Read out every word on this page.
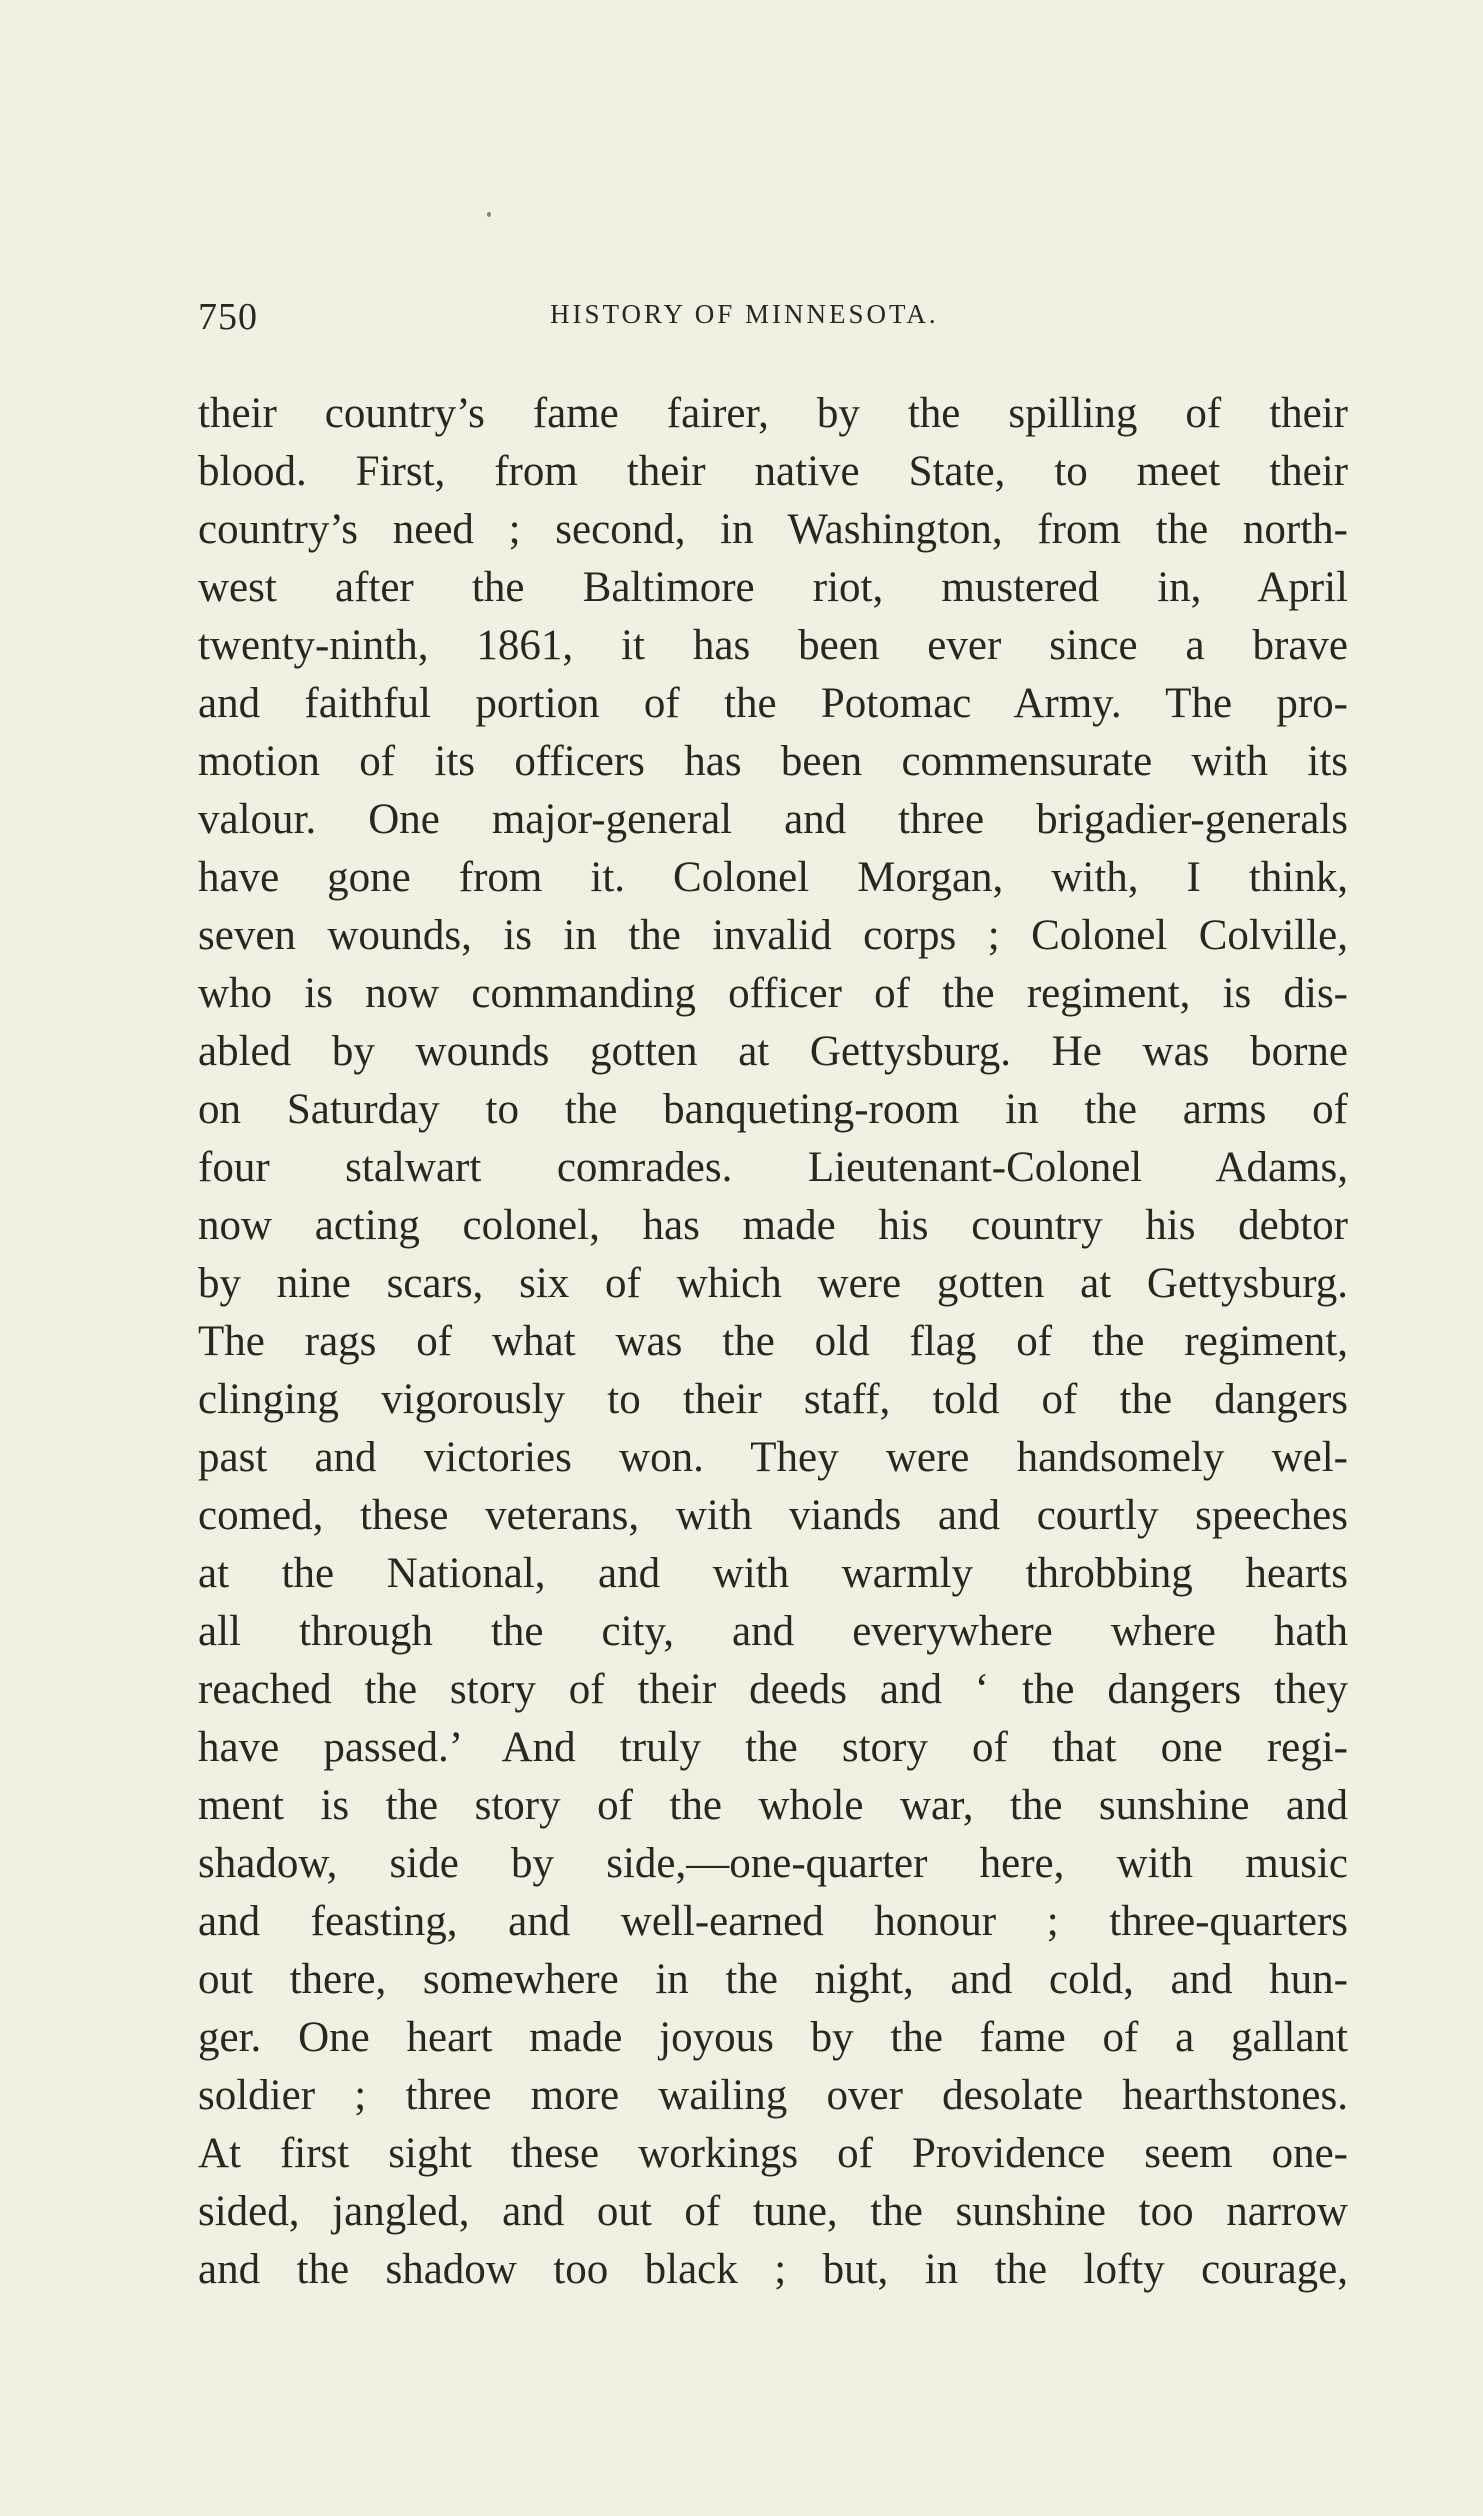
750	HISTORY OF MINNESOTA.
their country’s fame fairer, by the spilling of their
blood. First, from their native State, to meet their
country’s need ; second, in Washington, from the north-
west after the Baltimore riot, mustered in, April
twenty-ninth, 1861, it has been ever since a brave
and faithful portion of the Potomac Army. The pro-
motion of its officers has been commensurate with its
valour. One major-general and three brigadier-generals
have gone from it. Colonel Morgan, with, I think,
seven wounds, is in the invalid corps ; Colonel Colville,
who is now commanding officer of the regiment, is dis-
abled by wounds gotten at Gettysburg. He was borne
on Saturday to the banqueting-room in the arms of
four stalwart comrades. Lieutenant-Colonel Adams,
now acting colonel, has made his country his debtor
by nine scars, six of which were gotten at Gettysburg.
The rags of what was the old flag of the regiment,
clinging vigorously to their staff, told of the dangers
past and victories won. They were handsomely wel-
comed, these veterans, with viands and courtly speeches
at the National, and with warmly throbbing hearts
all through the city, and everywhere where hath
reached the story of their deeds and ‘ the dangers they
have passed.’ And truly the story of that one regi-
ment is the story of the whole war, the sunshine and
shadow, side by side,—one-quarter here, with music
and feasting, and well-earned honour ; three-quarters
out there, somewhere in the night, and cold, and hun-
ger. One heart made joyous by the fame of a gallant
soldier ; three more wailing over desolate hearthstones.
At first sight these workings of Providence seem one-
sided, jangled, and out of tune, the sunshine too narrow
and the shadow too black ; but, in the lofty courage,
